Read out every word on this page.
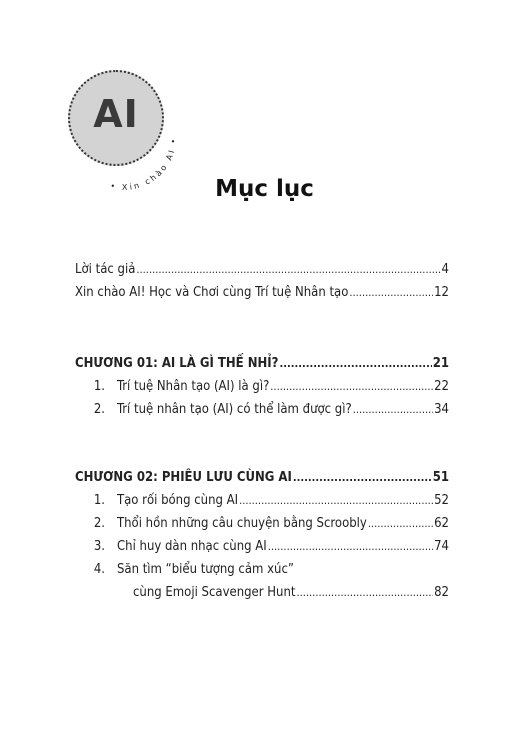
AI
• Xin chào AI •
Mục lục
Lời tác giả .....	4
Xin chào AI! Học và Chơi cùng Trí tuệ Nhân tạo .....	12
CHƯƠNG 01: AI LÀ GÌ THẾ NHỈ? .....	21
1. Trí tuệ Nhân tạo (AI) là gì? .....	22
2. Trí tuệ nhân tạo (AI) có thể làm được gì? .....	34
CHƯƠNG 02: PHIÊU LƯU CÙNG AI .....	51
1. Tạo rối bóng cùng AI .....	52
2. Thổi hồn những câu chuyện bằng Scroobly .....	62
3. Chỉ huy dàn nhạc cùng AI .....	74
4. Săn tìm “biểu tượng cảm xúc”
cùng Emoji Scavenger Hunt .....	82
